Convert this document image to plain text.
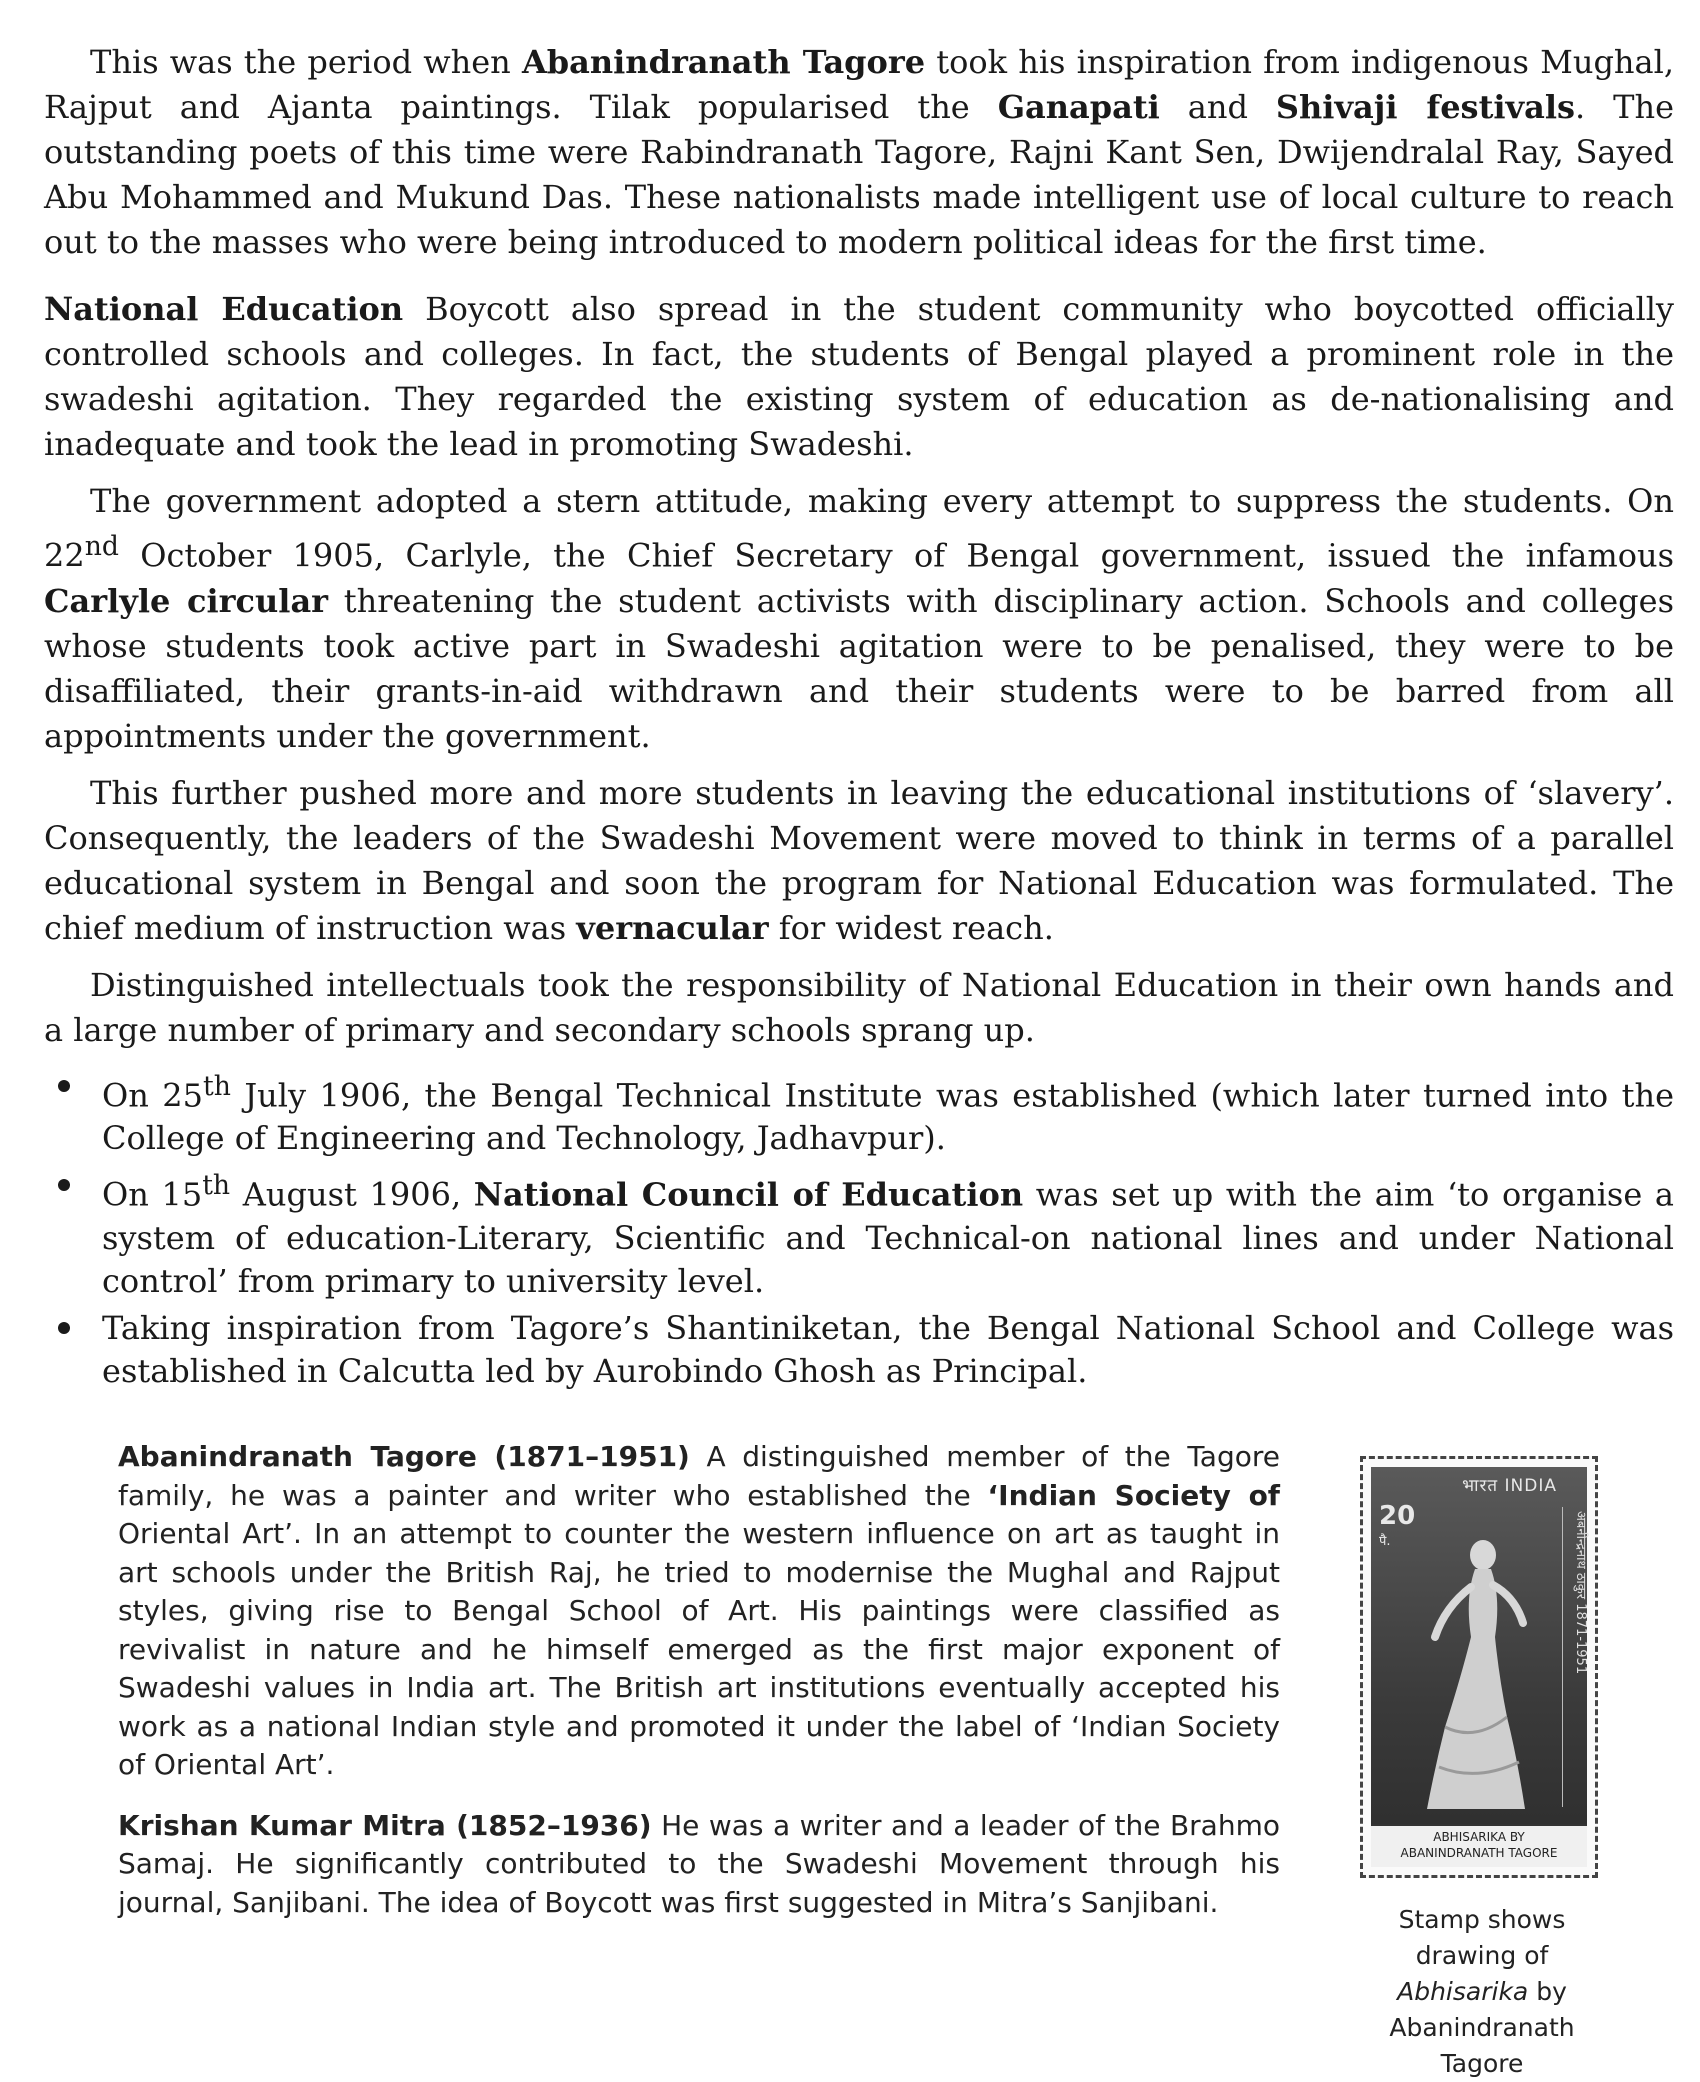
This was the period when Abanindranath Tagore took his inspiration from indigenous Mughal, Rajput and Ajanta paintings. Tilak popularised the Ganapati and Shivaji festivals. The outstanding poets of this time were Rabindranath Tagore, Rajni Kant Sen, Dwijendralal Ray, Sayed Abu Mohammed and Mukund Das. These nationalists made intelligent use of local culture to reach out to the masses who were being introduced to modern political ideas for the first time.

National Education Boycott also spread in the student community who boycotted officially controlled schools and colleges. In fact, the students of Bengal played a prominent role in the swadeshi agitation. They regarded the existing system of education as de-nationalising and inadequate and took the lead in promoting Swadeshi.

The government adopted a stern attitude, making every attempt to suppress the students. On 22nd October 1905, Carlyle, the Chief Secretary of Bengal government, issued the infamous Carlyle circular threatening the student activists with disciplinary action. Schools and colleges whose students took active part in Swadeshi agitation were to be penalised, they were to be disaffiliated, their grants-in-aid withdrawn and their students were to be barred from all appointments under the government.

This further pushed more and more students in leaving the educational institutions of ‘slavery’. Consequently, the leaders of the Swadeshi Movement were moved to think in terms of a parallel educational system in Bengal and soon the program for National Education was formulated. The chief medium of instruction was vernacular for widest reach.

Distinguished intellectuals took the responsibility of National Education in their own hands and a large number of primary and secondary schools sprang up.

On 25th July 1906, the Bengal Technical Institute was established (which later turned into the College of Engineering and Technology, Jadhavpur).
On 15th August 1906, National Council of Education was set up with the aim ‘to organise a system of education-Literary, Scientific and Technical-on national lines and under National control’ from primary to university level.
Taking inspiration from Tagore’s Shantiniketan, the Bengal National School and College was established in Calcutta led by Aurobindo Ghosh as Principal.

Abanindranath Tagore (1871–1951) A distinguished member of the Tagore family, he was a painter and writer who established the ‘Indian Society of Oriental Art’. In an attempt to counter the western influence on art as taught in art schools under the British Raj, he tried to modernise the Mughal and Rajput styles, giving rise to Bengal School of Art. His paintings were classified as revivalist in nature and he himself emerged as the first major exponent of Swadeshi values in India art. The British art institutions eventually accepted his work as a national Indian style and promoted it under the label of ‘Indian Society of Oriental Art’.

Krishan Kumar Mitra (1852–1936) He was a writer and a leader of the Brahmo Samaj. He significantly contributed to the Swadeshi Movement through his journal, Sanjibani. The idea of Boycott was first suggested in Mitra’s Sanjibani.

भारत INDIA
20
पै.	अबनीन्द्रनाथ ठाकुर 1871-1951
ABHISARIKA BY
ABANINDRANATH TAGORE
Stamp shows drawing of Abhisarika by Abanindranath Tagore
